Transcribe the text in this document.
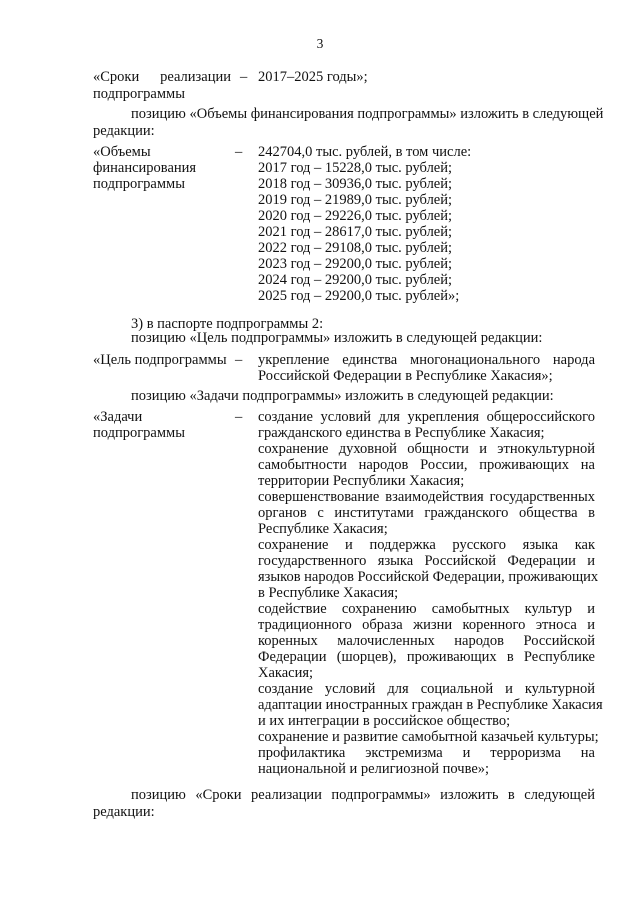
3
«Сроки реализации
подпрограммы
– 2017–2025 годы»;
позицию «Объемы финансирования подпрограммы» изложить в следующей
редакции:
«Объемы
финансирования
подпрограммы
– 242704,0 тыс. рублей, в том числе:
2017 год – 15228,0 тыс. рублей;
2018 год – 30936,0 тыс. рублей;
2019 год – 21989,0 тыс. рублей;
2020 год – 29226,0 тыс. рублей;
2021 год – 28617,0 тыс. рублей;
2022 год – 29108,0 тыс. рублей;
2023 год – 29200,0 тыс. рублей;
2024 год – 29200,0 тыс. рублей;
2025 год – 29200,0 тыс. рублей»;
3) в паспорте подпрограммы 2:
позицию «Цель подпрограммы» изложить в следующей редакции:
«Цель подпрограммы – укрепление единства многонационального народа
Российской Федерации в Республике Хакасия»;
позицию «Задачи подпрограммы» изложить в следующей редакции:
«Задачи
подпрограммы
– создание условий для укрепления общероссийского
гражданского единства в Республике Хакасия;
сохранение духовной общности и этнокультурной
самобытности народов России, проживающих на
территории Республики Хакасия;
совершенствование взаимодействия государственных
органов с институтами гражданского общества в
Республике Хакасия;
сохранение и поддержка русского языка как
государственного языка Российской Федерации и
языков народов Российской Федерации, проживающих
в Республике Хакасия;
содействие сохранению самобытных культур и
традиционного образа жизни коренного этноса и
коренных малочисленных народов Российской
Федерации (шорцев), проживающих в Республике
Хакасия;
создание условий для социальной и культурной
адаптации иностранных граждан в Республике Хакасия
и их интеграции в российское общество;
сохранение и развитие самобытной казачьей культуры;
профилактика экстремизма и терроризма на
национальной и религиозной почве»;
позицию «Сроки реализации подпрограммы» изложить в следующей
редакции:
